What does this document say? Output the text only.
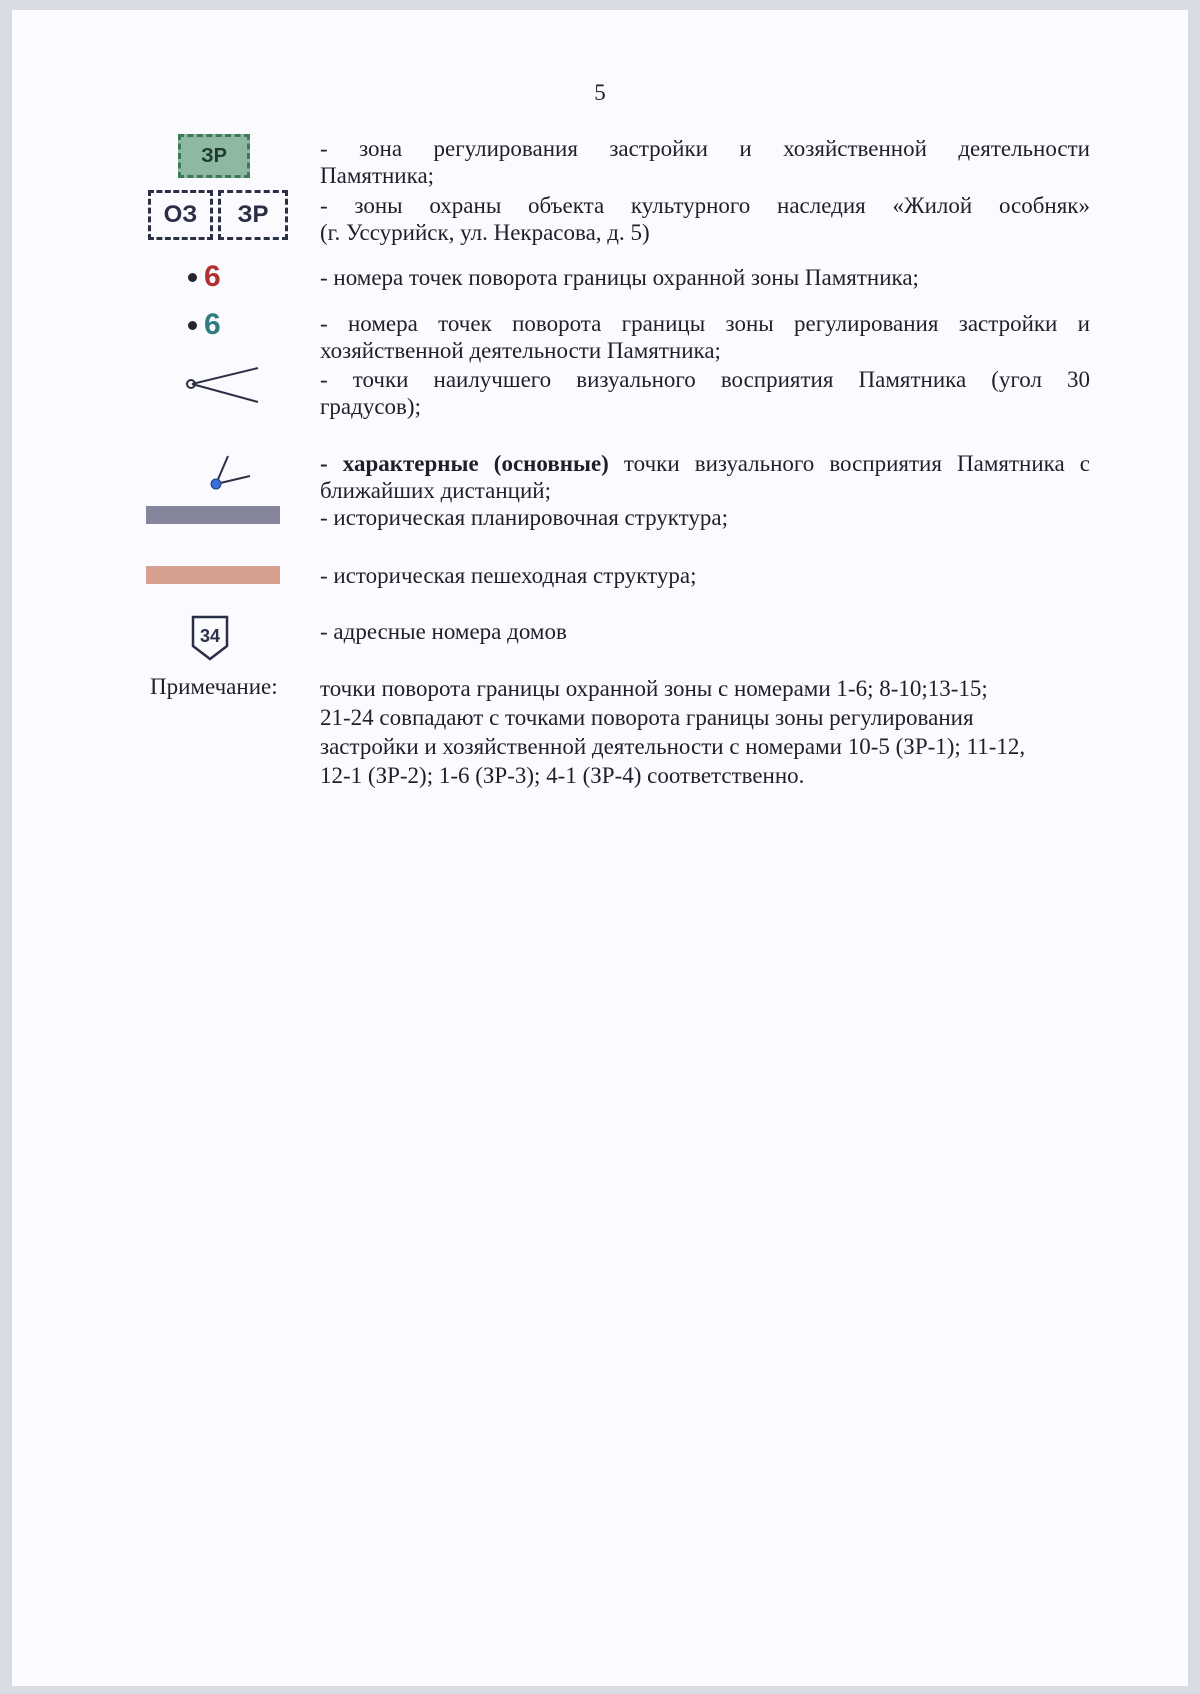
5
ЗР	- зона регулирования застройки и хозяйственной деятельности
Памятника;
ОЗ ЗР - зоны охраны объекта культурного наследия «Жилой особняк»
(г. Уссурийск, ул. Некрасова, д. 5)
6	- номера точек поворота границы охранной зоны Памятника;
6	- номера точек поворота границы зоны регулирования застройки и
хозяйственной деятельности Памятника;
- точки наилучшего визуального восприятия Памятника (угол 30
градусов);
- характерные (основные) точки визуального восприятия Памятника с
ближайших дистанций;
- историческая планировочная структура;
- историческая пешеходная структура;
34	- адресные номера домов
Примечание: точки поворота границы охранной зоны с номерами 1-6; 8-10;13-15;
21-24 совпадают с точками поворота границы зоны регулирования
застройки и хозяйственной деятельности с номерами 10-5 (ЗР-1); 11-12,
12-1 (ЗР-2); 1-6 (ЗР-3); 4-1 (ЗР-4) соответственно.
